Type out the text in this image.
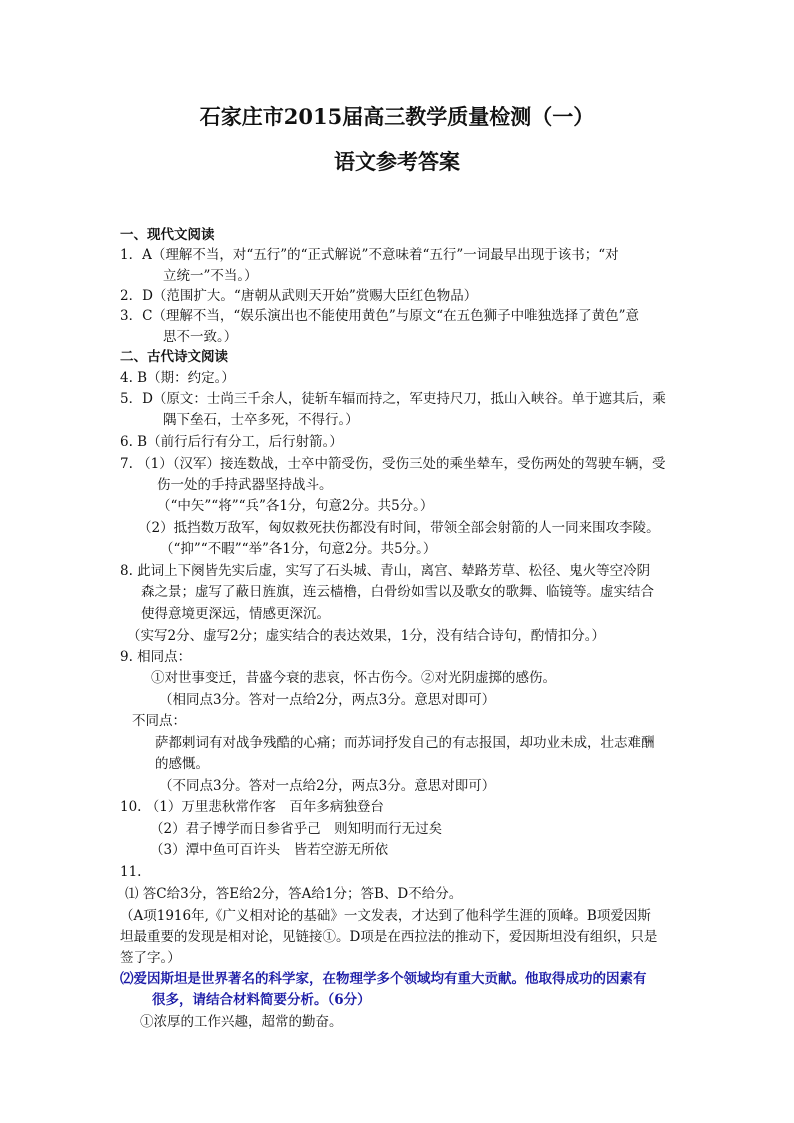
石家庄市2015届高三教学质量检测（一）
语文参考答案
一、现代文阅读
1．A（理解不当，对“五行”的“正式解说”不意味着“五行”一词最早出现于该书；“对
立统一”不当。）
2．D（范围扩大。“唐朝从武则天开始”赏赐大臣红色物品）
3．C（理解不当，“娱乐演出也不能使用黄色”与原文“在五色狮子中唯独选择了黄色”意
思不一致。）
二、古代诗文阅读
4. B（期：约定。）
5．D（原文：士尚三千余人，徒斩车辐而持之，军吏持尺刀，抵山入峡谷。单于遮其后，乘
隅下垒石，士卒多死，不得行。）
6. B（前行后行有分工，后行射箭。）
7. （1）（汉军）接连数战，士卒中箭受伤，受伤三处的乘坐辇车，受伤两处的驾驶车辆，受
伤一处的手持武器坚持战斗。
（“中矢”“将”“兵”各1分，句意2分。共5分。）
（2）抵挡数万敌军，匈奴救死扶伤都没有时间，带领全部会射箭的人一同来围攻李陵。
（“抑”“不暇”“举”各1分，句意2分。共5分。）
8. 此词上下阕皆先实后虚，实写了石头城、青山，离宫、辇路芳草、松径、鬼火等空冷阴
森之景；虚写了蔽日旌旗，连云樯橹，白骨纷如雪以及歌女的歌舞、临镜等。虚实结合
使得意境更深远，情感更深沉。
（实写2分、虚写2分；虚实结合的表达效果，1分，没有结合诗句，酌情扣分。）
9. 相同点：
①对世事变迁，昔盛今衰的悲哀，怀古伤今。②对光阴虚掷的感伤。
（相同点3分。答对一点给2分，两点3分。意思对即可）
不同点：
萨都剌词有对战争残酷的心痛；而苏词抒发自己的有志报国，却功业未成，壮志难酬
的感慨。
（不同点3分。答对一点给2分，两点3分。意思对即可）
10. （1）万里悲秋常作客　百年多病独登台
（2）君子博学而日参省乎己　则知明而行无过矣
（3）潭中鱼可百许头　皆若空游无所依
11.
⑴ 答C给3分，答E给2分，答A给1分；答B、D不给分。
（A项1916年,《广义相对论的基础》一文发表，才达到了他科学生涯的顶峰。B项爱因斯
坦最重要的发现是相对论，见链接①。D项是在西拉法的推动下，爱因斯坦没有组织，只是
签了字。）
⑵爱因斯坦是世界著名的科学家，在物理学多个领域均有重大贡献。他取得成功的因素有
很多，请结合材料简要分析。（6分）
①浓厚的工作兴趣，超常的勤奋。
